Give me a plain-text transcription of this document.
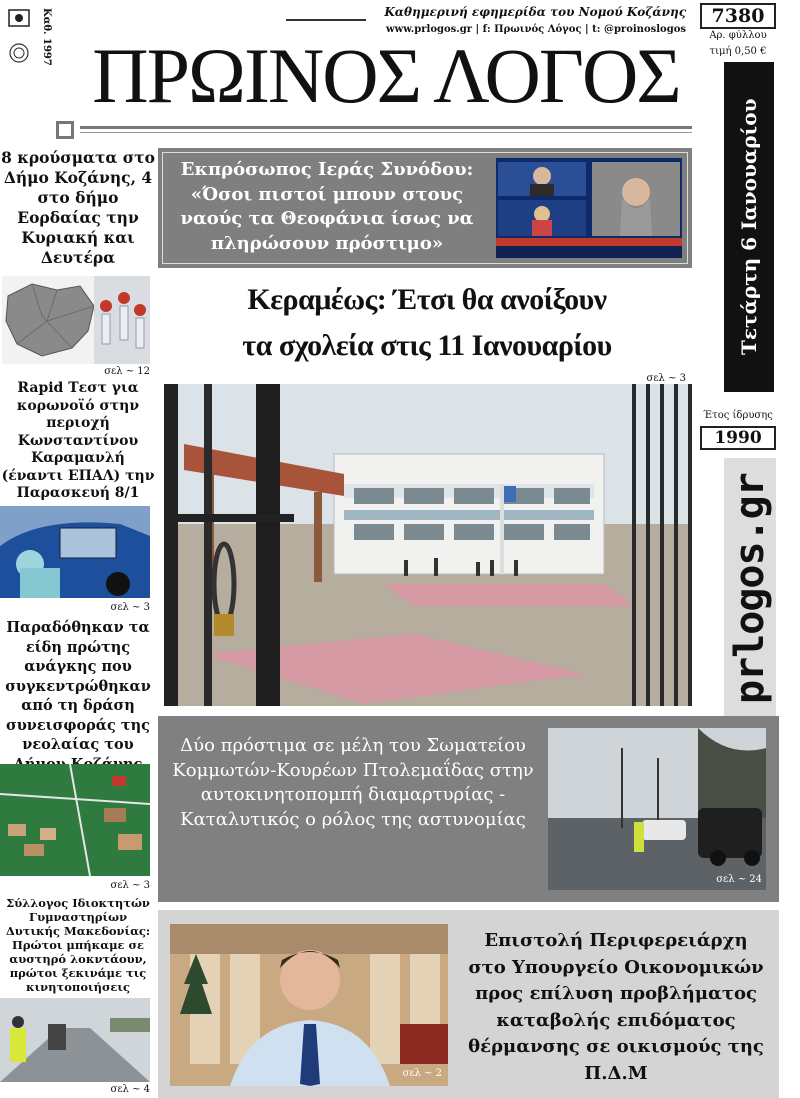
Καθ. 1997	Καθημερινή εφημερίδα του Νομού Κοζάνης
www.prlogos.gr | f: Πρωινός Λόγος | t: @proinoslogos
ΠΡΩΙΝΟΣ ΛΟΓΟΣ
7380
Αρ. φύλλου
τιμή 0,50 €
Τετάρτη 6 Ιανουαρίου 2021
Έτος ίδρυσης
1990
prlogos.gr
8 κρούσματα στο Δήμο Κοζάνης, 4 στο δήμο Εορδαίας την Κυριακή και Δευτέρα
σελ ~ 12
Rapid Τεστ για κορωνοϊό στην περιοχή Κωνσταντίνου Καραμανλή (έναντι ΕΠΑΛ) την Παρασκευή 8/1
σελ ~ 3
Παραδόθηκαν τα είδη πρώτης ανάγκης που συγκεντρώθηκαν από τη δράση συνεισφοράς της νεολαίας του
σελ ~ 3
Σύλλογος Ιδιοκτητών Γυμναστηρίων Δυτικής Μακεδονίας: Πρώτοι μπήκαμε σε αυστηρό λοκντάουν, πρώτοι ξεκινάμε τις κινητοποιήσεις
σελ ~ 4
Εκπρόσωπος Ιεράς Συνόδου: «Όσοι πιστοί μπουν στους ναούς τα Θεοφάνια ίσως να πληρώσουν πρόστιμο»
Κεραμέως: Έτσι θα ανοίξουν
τα σχολεία στις 11 Ιανουαρίου
σελ ~ 3
Δύο πρόστιμα σε μέλη του Σωματείου Κομμωτών-Κουρέων Πτολεμαΐδας στην αυτοκινητοπομπή διαμαρτυρίας - Καταλυτικός ο ρόλος της αστυνομίας
σελ ~ 24
σελ ~ 2
Επιστολή Περιφερειάρχη στο Υπουργείο Οικονομικών προς επίλυση προβλήματος καταβολής επιδόματος θέρμανσης σε οικισμούς της Π.Δ.Μ
